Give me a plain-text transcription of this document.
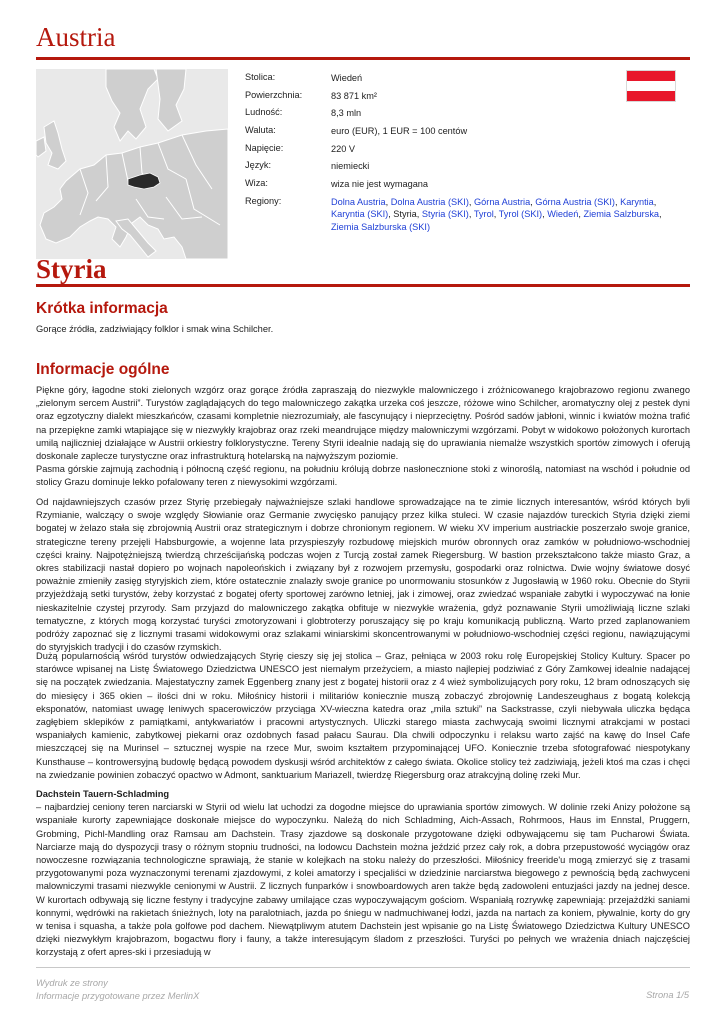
Austria
Stolica:	Wiedeń
Powierzchnia:	83 871 km²
Ludność:	8,3 mln
Waluta:	euro (EUR), 1 EUR = 100 centów
Napięcie:	220 V
Język:	niemiecki
Wiza:	wiza nie jest wymagana
Regiony:	Dolna Austria, Dolna Austria (SKI), Górna Austria, Górna Austria (SKI), Karyntia, Karyntia (SKI), Styria, Styria (SKI), Tyrol, Tyrol (SKI), Wiedeń, Ziemia Salzburska, Ziemia Salzburska (SKI)
Styria
Krótka informacja

Gorące źródła, zadziwiający folklor i smak wina Schilcher.

Informacje ogólne

Piękne góry, łagodne stoki zielonych wzgórz oraz gorące źródła zapraszają do niezwykle malowniczego i zróżnicowanego krajobrazowo regionu zwanego „zielonym sercem Austrii”. Turystów zaglądających do tego malowniczego zakątka urzeka coś jeszcze, różowe wino Schilcher, aromatyczny olej z pestek dyni oraz egzotyczny dialekt mieszkańców, czasami kompletnie niezrozumiały, ale fascynujący i nieprzeciętny. Pośród sadów jabłoni, winnic i kwiatów można trafić na przepiękne zamki wtapiające się w niezwykły krajobraz oraz rzeki meandrujące między malowniczymi wzgórzami. Pobyt w widokowo położonych kurortach umilą najliczniej działające w Austrii orkiestry folklorystyczne. Tereny Styrii idealnie nadają się do uprawiania niemalże wszystkich sportów zimowych i oferują doskonale zaplecze turystyczne oraz infrastrukturą hotelarską na najwyższym poziomie.

Pasma górskie zajmują zachodnią i północną część regionu, na południu królują dobrze nasłonecznione stoki z winoroślą, natomiast na wschód i południe od stolicy Grazu dominuje lekko pofalowany teren z niewysokimi wzgórzami.

Od najdawniejszych czasów przez Styrię przebiegały najważniejsze szlaki handlowe sprowadzające na te zimie licznych interesantów, wśród których byli Rzymianie, walczący o swoje względy Słowianie oraz Germanie zwycięsko panujący przez kilka stuleci. W czasie najazdów tureckich Styria dzięki ziemi bogatej w żelazo stała się zbrojownią Austrii oraz strategicznym i dobrze chronionym regionem. W wieku XV imperium austriackie poszerzało swoje granice, strategiczne tereny przejęli Habsburgowie, a wojenne lata przyspieszyły rozbudowę miejskich murów obronnych oraz zamków w południowo-wschodniej części krainy. Najpotężniejszą twierdzą chrześcijańską podczas wojen z Turcją został zamek Riegersburg. W bastion przekształcono także miasto Graz, a okres stabilizacji nastał dopiero po wojnach napoleońskich i związany był z rozwojem przemysłu, gospodarki oraz rolnictwa. Dwie wojny światowe dosyć poważnie zmieniły zasięg styryjskich ziem, które ostatecznie znalazły swoje granice po unormowaniu stosunków z Jugosławią w 1960 roku. Obecnie do Styrii przyjeżdżają setki turystów, żeby korzystać z bogatej oferty sportowej zarówno letniej, jak i zimowej, oraz zwiedzać wspaniałe zabytki i wypoczywać na łonie nieskazitelnie czystej przyrody. Sam przyjazd do malowniczego zakątka obfituje w niezwykłe wrażenia, gdyż poznawanie Styrii umożliwiają liczne szlaki tematyczne, z których mogą korzystać turyści zmotoryzowani i globtroterzy poruszający się po kraju komunikacją publiczną. Warto przed zaplanowaniem podróży zapoznać się z licznymi trasami widokowymi oraz szlakami winiarskimi skoncentrowanymi w południowo-wschodniej części regionu, nawiązującymi do styryjskich tradycji i do czasów rzymskich.

Dużą popularnością wśród turystów odwiedzających Styrię cieszy się jej stolica – Graz, pełniąca w 2003 roku rolę Europejskiej Stolicy Kultury. Spacer po starówce wpisanej na Listę Światowego Dziedzictwa UNESCO jest niemałym przeżyciem, a miasto najlepiej podziwiać z Góry Zamkowej idealnie nadającej się na początek zwiedzania. Majestatyczny zamek Eggenberg znany jest z bogatej historii oraz z 4 wież symbolizujących pory roku, 12 bram odnoszących się do miesięcy i 365 okien – ilości dni w roku. Miłośnicy historii i militariów koniecznie muszą zobaczyć zbrojownię Landeszeughaus z bogatą kolekcją eksponatów, natomiast uwagę leniwych spacerowiczów przyciąga XV-wieczna katedra oraz „mila sztuki” na Sackstrasse, czyli niebywała uliczka będąca zagłębiem sklepików z pamiątkami, antykwariatów i pracowni artystycznych. Uliczki starego miasta zachwycają swoimi licznymi atrakcjami w postaci wspaniałych kamienic, zabytkowej piekarni oraz ozdobnych fasad pałacu Saurau. Dla chwili odpoczynku i relaksu warto zajść na kawę do Insel Cafe mieszczącej się na Murinsel – sztucznej wyspie na rzece Mur, swoim kształtem przypominającej UFO. Koniecznie trzeba sfotografować niespotykany Kunsthause – kontrowersyjną budowlę będącą powodem dyskusji wśród architektów z całego świata. Okolice stolicy też zadziwiają, jeżeli ktoś ma czas i chęci na zwiedzanie powinien zobaczyć opactwo w Admont, sanktuarium Mariazell, twierdzę Riegersburg oraz atrakcyjną dolinę rzeki Mur.

Dachstein Tauern-Schladming
– najbardziej ceniony teren narciarski w Styrii od wielu lat uchodzi za dogodne miejsce do uprawiania sportów zimowych. W dolinie rzeki Anizy położone są wspaniałe kurorty zapewniające doskonałe miejsce do wypoczynku. Należą do nich Schladming, Aich-Assach, Rohrmoos, Haus im Ennstal, Pruggern, Grobming, Pichl-Mandling oraz Ramsau am Dachstein. Trasy zjazdowe są doskonale przygotowane dzięki odbywającemu się tam Pucharowi Świata. Narciarze mają do dyspozycji trasy o różnym stopniu trudności, na lodowcu Dachstein można jeździć przez cały rok, a dobra przepustowość wyciągów oraz nowoczesne rozwiązania technologiczne sprawiają, że stanie w kolejkach na stoku należy do przeszłości. Miłośnicy freeride'u mogą zmierzyć się z trasami przygotowanymi poza wyznaczonymi terenami zjazdowymi, z kolei amatorzy i specjaliści w dziedzinie narciarstwa biegowego z pewnością będą zachwyceni malowniczymi trasami niezwykle cenionymi w Austrii. Z licznych funparków i snowboardowych aren także będą zadowoleni entuzjaści jazdy na jednej desce. W kurortach odbywają się liczne festyny i tradycyjne zabawy umilające czas wypoczywającym gościom. Wspaniałą rozrywkę zapewniają: przejażdżki saniami konnymi, wędrówki na rakietach śnieżnych, loty na paralotniach, jazda po śniegu w nadmuchiwanej łodzi, jazda na nartach za koniem, pływalnie, korty do gry w tenisa i squasha, a także pola golfowe pod dachem. Niewątpliwym atutem Dachstein jest wpisanie go na Listę Światowego Dziedzictwa Kultury UNESCO dzięki niezwykłym krajobrazom, bogactwu flory i fauny, a także interesującym śladom z przeszłości. Turyści po pełnych we wrażenia dniach najczęściej korzystają z ofert apres-ski i przesiadują w
Wydruk ze strony
Informacje przygotowane przez MerlinX	Strona 1/5
